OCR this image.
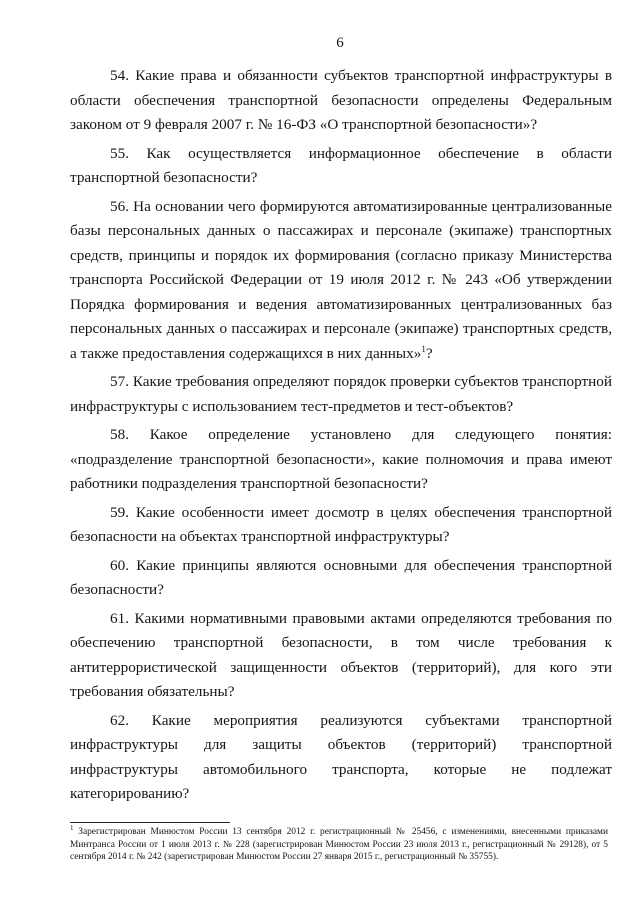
6

54. Какие права и обязанности субъектов транспортной инфраструктуры в области обеспечения транспортной безопасности определены Федеральным законом от 9 февраля 2007 г. № 16-ФЗ «О транспортной безопасности»?

55. Как осуществляется информационное обеспечение в области транспортной безопасности?

56. На основании чего формируются автоматизированные централизованные базы персональных данных о пассажирах и персонале (экипаже) транспортных средств, принципы и порядок их формирования (согласно приказу Министерства транспорта Российской Федерации от 19 июля 2012 г. № 243 «Об утверждении Порядка формирования и ведения автоматизированных централизованных баз персональных данных о пассажирах и персонале (экипаже) транспортных средств, а также предоставления содержащихся в них данных»$^1$?

57. Какие требования определяют порядок проверки субъектов транспортной инфраструктуры с использованием тест-предметов и тест-объектов?

58. Какое определение установлено для следующего понятия: «подразделение транспортной безопасности», какие полномочия и права имеют работники подразделения транспортной безопасности?

59. Какие особенности имеет досмотр в целях обеспечения транспортной безопасности на объектах транспортной инфраструктуры?

60. Какие принципы являются основными для обеспечения транспортной безопасности?

61. Какими нормативными правовыми актами определяются требования по обеспечению транспортной безопасности, в том числе требования к антитеррористической защищенности объектов (территорий), для кого эти требования обязательны?

62. Какие мероприятия реализуются субъектами транспортной инфраструктуры для защиты объектов (территорий) транспортной инфраструктуры автомобильного транспорта, которые не подлежат категорированию?

$^1$ Зарегистрирован Минюстом России 13 сентября 2012 г. регистрационный № 25456, с изменениями, внесенными приказами Минтранса России от 1 июля 2013 г. № 228 (зарегистрирован Минюстом России 23 июля 2013 г., регистрационный № 29128), от 5 сентября 2014 г. № 242 (зарегистрирован Минюстом России 27 января 2015 г., регистрационный № 35755).
